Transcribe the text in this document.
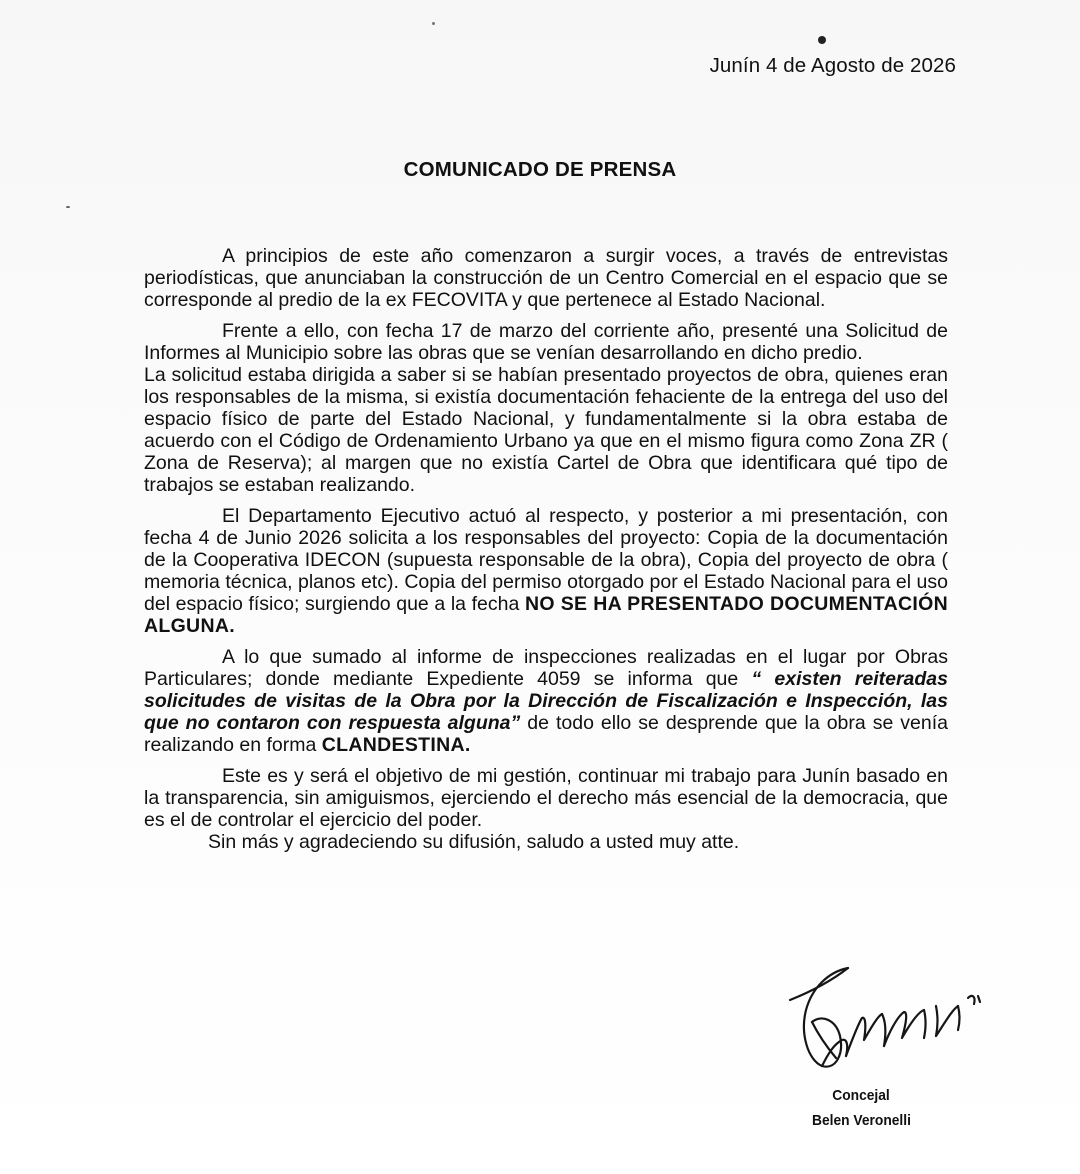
Junín 4 de Agosto de 2026
COMUNICADO DE PRENSA

A principios de este año comenzaron a surgir voces, a través de entrevistas periodísticas, que anunciaban la construcción de un Centro Comercial en el espacio que se corresponde al predio de la ex FECOVITA y que pertenece al Estado Nacional.

Frente a ello, con fecha 17 de marzo del corriente año, presenté una Solicitud de Informes al Municipio sobre las obras que se venían desarrollando en dicho predio.

La solicitud estaba dirigida a saber si se habían presentado proyectos de obra, quienes eran los responsables de la misma, si existía documentación fehaciente de la entrega del uso del espacio físico de parte del Estado Nacional, y fundamentalmente si la obra estaba de acuerdo con el Código de Ordenamiento Urbano ya que en el mismo figura como Zona ZR ( Zona de Reserva); al margen que no existía Cartel de Obra que identificara qué tipo de trabajos se estaban realizando.

El Departamento Ejecutivo actuó al respecto, y posterior a mi presentación, con fecha 4 de Junio 2026 solicita a los responsables del proyecto: Copia de la documentación de la Cooperativa IDECON (supuesta responsable de la obra), Copia del proyecto de obra ( memoria técnica, planos etc). Copia del permiso otorgado por el Estado Nacional para el uso del espacio físico; surgiendo que a la fecha NO SE HA PRESENTADO DOCUMENTACIÓN ALGUNA.

A lo que sumado al informe de inspecciones realizadas en el lugar por Obras Particulares; donde mediante Expediente 4059 se informa que “ existen reiteradas solicitudes de visitas de la Obra por la Dirección de Fiscalización e Inspección, las que no contaron con respuesta alguna” de todo ello se desprende que la obra se venía realizando en forma CLANDESTINA.

Este es y será el objetivo de mi gestión, continuar mi trabajo para Junín basado en la transparencia, sin amiguismos, ejerciendo el derecho más esencial de la democracia, que es el de controlar el ejercicio del poder.

Sin más y agradeciendo su difusión, saludo a usted muy atte.

Concejal
Belen Veronelli
